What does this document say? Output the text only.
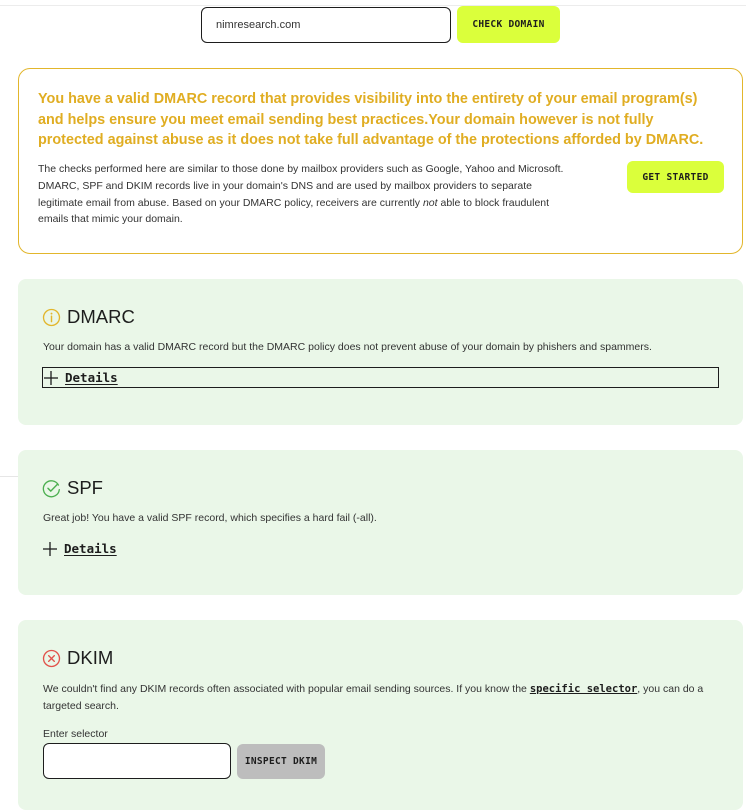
nimresearch.com
CHECK DOMAIN

You have a valid DMARC record that provides visibility into the entirety of your email program(s) and helps ensure you meet email sending best practices.Your domain however is not fully protected against abuse as it does not take full advantage of the protections afforded by DMARC.

The checks performed here are similar to those done by mailbox providers such as Google, Yahoo and Microsoft. DMARC, SPF and DKIM records live in your domain's DNS and are used by mailbox providers to separate legitimate email from abuse. Based on your DMARC policy, receivers are currently not able to block fraudulent emails that mimic your domain.

GET STARTED
DMARC

Your domain has a valid DMARC record but the DMARC policy does not prevent abuse of your domain by phishers and spammers.

Details
SPF

Great job! You have a valid SPF record, which specifies a hard fail (-all).

Details
DKIM

We couldn't find any DKIM records often associated with popular email sending sources. If you know the specific selector, you can do a targeted search.

Enter selector

INSPECT DKIM
